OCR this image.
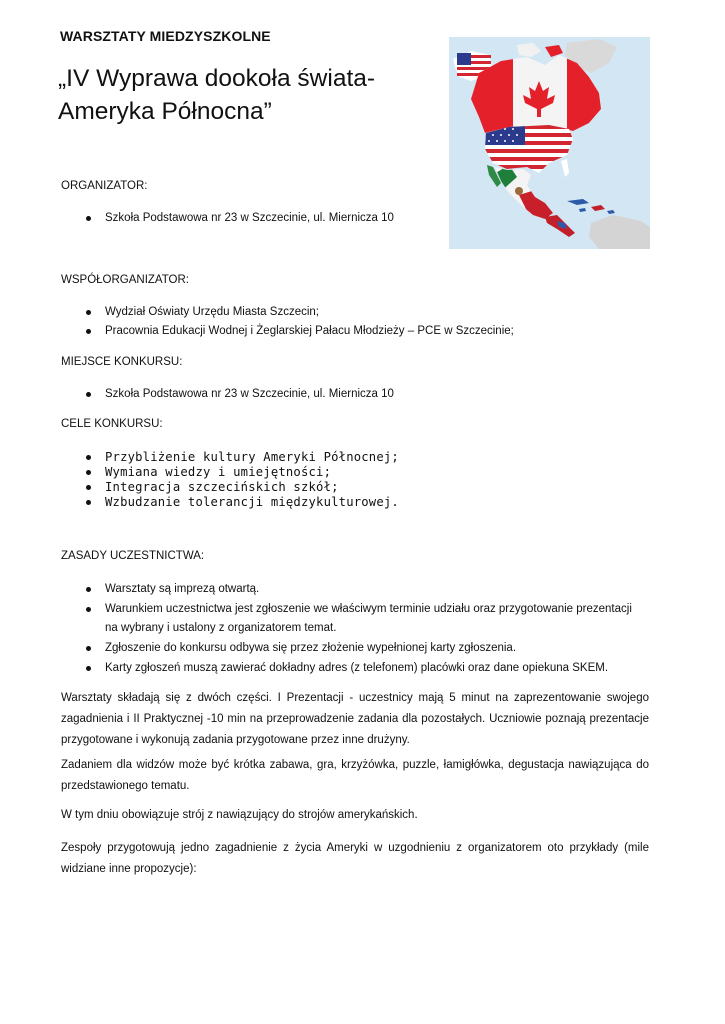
WARSZTATY MIEDZYSZKOLNE
„IV Wyprawa dookoła świata-
Ameryka Północna”
ORGANIZATOR:
Szkoła Podstawowa nr 23 w Szczecinie, ul. Miernicza 10
WSPÓŁORGANIZATOR:
Wydział Oświaty Urzędu Miasta Szczecin;
Pracownia Edukacji Wodnej i Żeglarskiej Pałacu Młodzieży – PCE w Szczecinie;
MIEJSCE KONKURSU:
Szkoła Podstawowa nr 23 w Szczecinie, ul. Miernicza 10
CELE KONKURSU:
Przybliżenie kultury Ameryki Północnej;
Wymiana wiedzy i umiejętności;
Integracja szczecińskich szkół;
Wzbudzanie tolerancji międzykulturowej.
ZASADY UCZESTNICTWA:
Warsztaty są imprezą otwartą.
Warunkiem uczestnictwa jest zgłoszenie we właściwym terminie udziału oraz przygotowanie prezentacji na wybrany i ustalony z organizatorem temat.
Zgłoszenie do konkursu odbywa się przez złożenie wypełnionej karty zgłoszenia.
Karty zgłoszeń muszą zawierać dokładny adres (z telefonem) placówki oraz dane opiekuna SKEM.

Warsztaty składają się z dwóch części. I Prezentacji - uczestnicy mają 5 minut na zaprezentowanie swojego zagadnienia i II Praktycznej -10 min na przeprowadzenie zadania dla pozostałych. Uczniowie poznają prezentacje przygotowane i wykonują zadania przygotowane przez inne drużyny.

Zadaniem dla widzów może być krótka zabawa, gra, krzyżówka, puzzle, łamigłówka, degustacja nawiązująca do przedstawionego tematu.

W tym dniu obowiązuje strój z nawiązujący do strojów amerykańskich.

Zespoły przygotowują jedno zagadnienie z życia Ameryki w uzgodnieniu z organizatorem oto przykłady (mile widziane inne propozycje):
